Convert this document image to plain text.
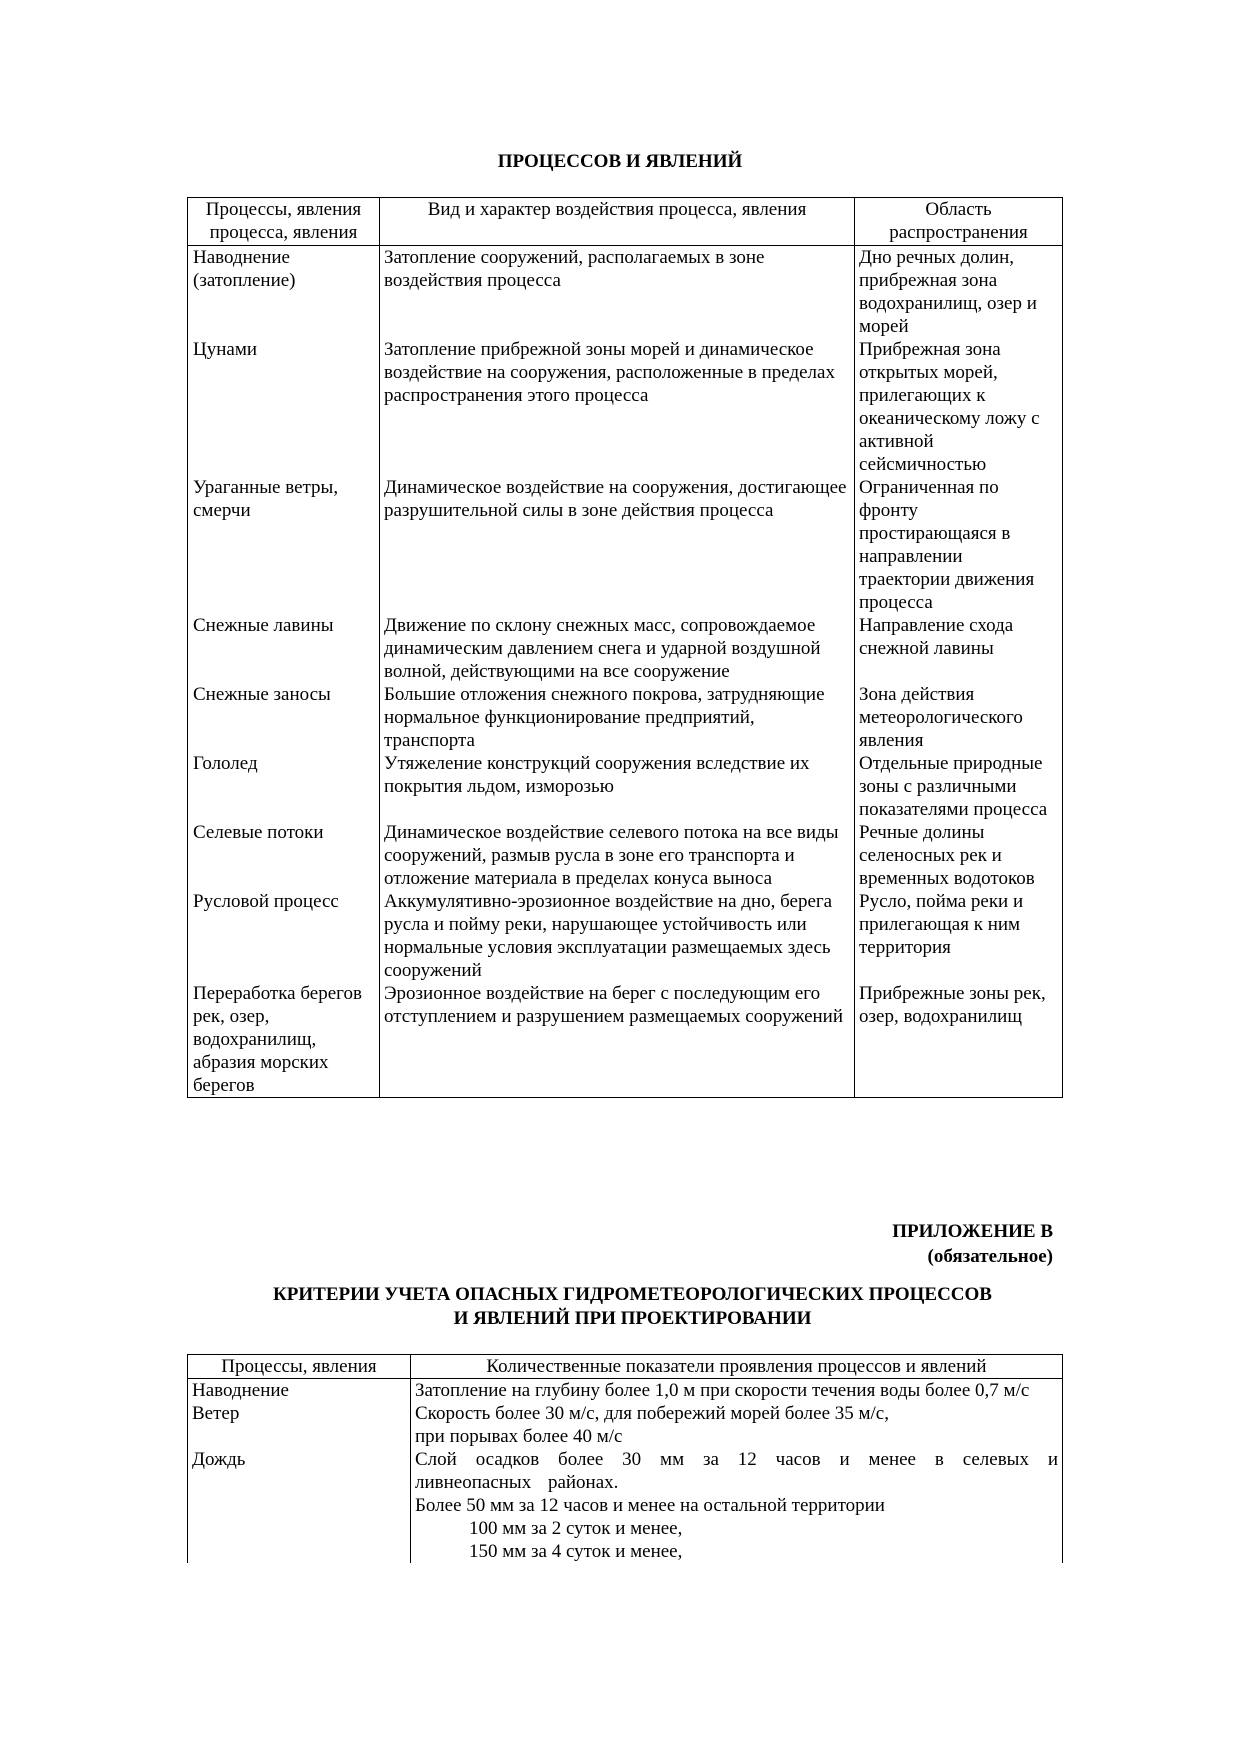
ПРОЦЕССОВ И ЯВЛЕНИЙ
Процессы, явления процесса, явления	Вид и характер воздействия процесса, явления	Область распространения
Наводнение (затопление)	Затопление сооружений, располагаемых в зоне воздействия процесса	Дно речных долин, прибрежная зона водохранилищ, озер и морей
Цунами	Затопление прибрежной зоны морей и динамическое воздействие на сооружения, расположенные в пределах распространения этого процесса	Прибрежная зона открытых морей, прилегающих к океаническому ложу с активной сейсмичностью
Ураганные ветры, смерчи	Динамическое воздействие на сооружения, достигающее разрушительной силы в зоне действия процесса	Ограниченная по фронту простирающаяся в направлении траектории движения процесса
Снежные лавины	Движение по склону снежных масс, сопровождаемое динамическим давлением снега и ударной воздушной волной, действующими на все сооружение	Направление схода снежной лавины
Снежные заносы	Большие отложения снежного покрова, затрудняющие нормальное функционирование предприятий, транспорта	Зона действия метеорологического явления
Гололед	Утяжеление конструкций сооружения вследствие их покрытия льдом, изморозью	Отдельные природные зоны с различными показателями процесса
Селевые потоки	Динамическое воздействие селевого потока на все виды сооружений, размыв русла в зоне его транспорта и отложение материала в пределах конуса выноса	Речные долины селеносных рек и временных водотоков
Русловой процесс	Аккумулятивно-эрозионное воздействие на дно, берега русла и пойму реки, нарушающее устойчивость или нормальные условия эксплуатации размещаемых здесь сооружений	Русло, пойма реки и прилегающая к ним территория
Переработка берегов рек, озер, водохранилищ, абразия морских берегов	Эрозионное воздействие на берег с последующим его отступлением и разрушением размещаемых сооружений	Прибрежные зоны рек, озер, водохранилищ
ПРИЛОЖЕНИЕ В
(обязательное)
КРИТЕРИИ УЧЕТА ОПАСНЫХ ГИДРОМЕТЕОРОЛОГИЧЕСКИХ ПРОЦЕССОВ
И ЯВЛЕНИЙ ПРИ ПРОЕКТИРОВАНИИ
Процессы, явления	Количественные показатели проявления процессов и явлений
Наводнение	Затопление на глубину более 1,0 м при скорости течения воды более 0,7 м/с

Ветер	Скорость более 30 м/с, для побережий морей более 35 м/с,
при порывах более 40 м/с

Дождь	Слой осадков более 30 мм за 12 часов и менее в селевых и ливнеопасных районах.
Более 50 мм за 12 часов и менее на остальной территории
100 мм за 2 суток и менее,
150 мм за 4 суток и менее,
